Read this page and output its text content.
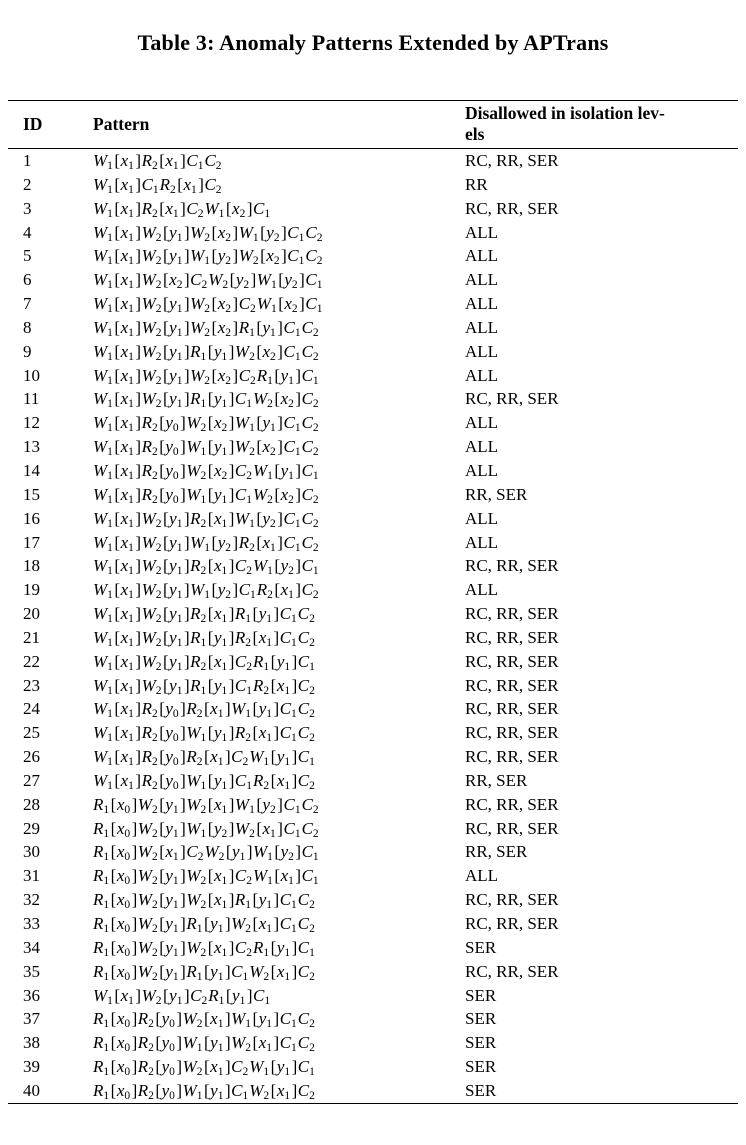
Table 3: Anomaly Patterns Extended by APTrans
ID	Pattern	Disallowed in isolation lev-
els
1	$W_1[x_1]R_2[x_1]C_1C_2$	RC, RR, SER
2	$W_1[x_1]C_1R_2[x_1]C_2$	RR
3	$W_1[x_1]R_2[x_1]C_2W_1[x_2]C_1$	RC, RR, SER
4	$W_1[x_1]W_2[y_1]W_2[x_2]W_1[y_2]C_1C_2$	ALL
5	$W_1[x_1]W_2[y_1]W_1[y_2]W_2[x_2]C_1C_2$	ALL
6	$W_1[x_1]W_2[x_2]C_2W_2[y_2]W_1[y_2]C_1$	ALL
7	$W_1[x_1]W_2[y_1]W_2[x_2]C_2W_1[x_2]C_1$	ALL
8	$W_1[x_1]W_2[y_1]W_2[x_2]R_1[y_1]C_1C_2$	ALL
9	$W_1[x_1]W_2[y_1]R_1[y_1]W_2[x_2]C_1C_2$	ALL
10	$W_1[x_1]W_2[y_1]W_2[x_2]C_2R_1[y_1]C_1$	ALL
11	$W_1[x_1]W_2[y_1]R_1[y_1]C_1W_2[x_2]C_2$	RC, RR, SER
12	$W_1[x_1]R_2[y_0]W_2[x_2]W_1[y_1]C_1C_2$	ALL
13	$W_1[x_1]R_2[y_0]W_1[y_1]W_2[x_2]C_1C_2$	ALL
14	$W_1[x_1]R_2[y_0]W_2[x_2]C_2W_1[y_1]C_1$	ALL
15	$W_1[x_1]R_2[y_0]W_1[y_1]C_1W_2[x_2]C_2$	RR, SER
16	$W_1[x_1]W_2[y_1]R_2[x_1]W_1[y_2]C_1C_2$	ALL
17	$W_1[x_1]W_2[y_1]W_1[y_2]R_2[x_1]C_1C_2$	ALL
18	$W_1[x_1]W_2[y_1]R_2[x_1]C_2W_1[y_2]C_1$	RC, RR, SER
19	$W_1[x_1]W_2[y_1]W_1[y_2]C_1R_2[x_1]C_2$	ALL
20	$W_1[x_1]W_2[y_1]R_2[x_1]R_1[y_1]C_1C_2$	RC, RR, SER
21	$W_1[x_1]W_2[y_1]R_1[y_1]R_2[x_1]C_1C_2$	RC, RR, SER
22	$W_1[x_1]W_2[y_1]R_2[x_1]C_2R_1[y_1]C_1$	RC, RR, SER
23	$W_1[x_1]W_2[y_1]R_1[y_1]C_1R_2[x_1]C_2$	RC, RR, SER
24	$W_1[x_1]R_2[y_0]R_2[x_1]W_1[y_1]C_1C_2$	RC, RR, SER
25	$W_1[x_1]R_2[y_0]W_1[y_1]R_2[x_1]C_1C_2$	RC, RR, SER
26	$W_1[x_1]R_2[y_0]R_2[x_1]C_2W_1[y_1]C_1$	RC, RR, SER
27	$W_1[x_1]R_2[y_0]W_1[y_1]C_1R_2[x_1]C_2$	RR, SER
28	$R_1[x_0]W_2[y_1]W_2[x_1]W_1[y_2]C_1C_2$	RC, RR, SER
29	$R_1[x_0]W_2[y_1]W_1[y_2]W_2[x_1]C_1C_2$	RC, RR, SER
30	$R_1[x_0]W_2[x_1]C_2W_2[y_1]W_1[y_2]C_1$	RR, SER
31	$R_1[x_0]W_2[y_1]W_2[x_1]C_2W_1[x_1]C_1$	ALL
32	$R_1[x_0]W_2[y_1]W_2[x_1]R_1[y_1]C_1C_2$	RC, RR, SER
33	$R_1[x_0]W_2[y_1]R_1[y_1]W_2[x_1]C_1C_2$	RC, RR, SER
34	$R_1[x_0]W_2[y_1]W_2[x_1]C_2R_1[y_1]C_1$	SER
35	$R_1[x_0]W_2[y_1]R_1[y_1]C_1W_2[x_1]C_2$	RC, RR, SER
36	$W_1[x_1]W_2[y_1]C_2R_1[y_1]C_1$	SER
37	$R_1[x_0]R_2[y_0]W_2[x_1]W_1[y_1]C_1C_2$	SER
38	$R_1[x_0]R_2[y_0]W_1[y_1]W_2[x_1]C_1C_2$	SER
39	$R_1[x_0]R_2[y_0]W_2[x_1]C_2W_1[y_1]C_1$	SER
40	$R_1[x_0]R_2[y_0]W_1[y_1]C_1W_2[x_1]C_2$	SER
